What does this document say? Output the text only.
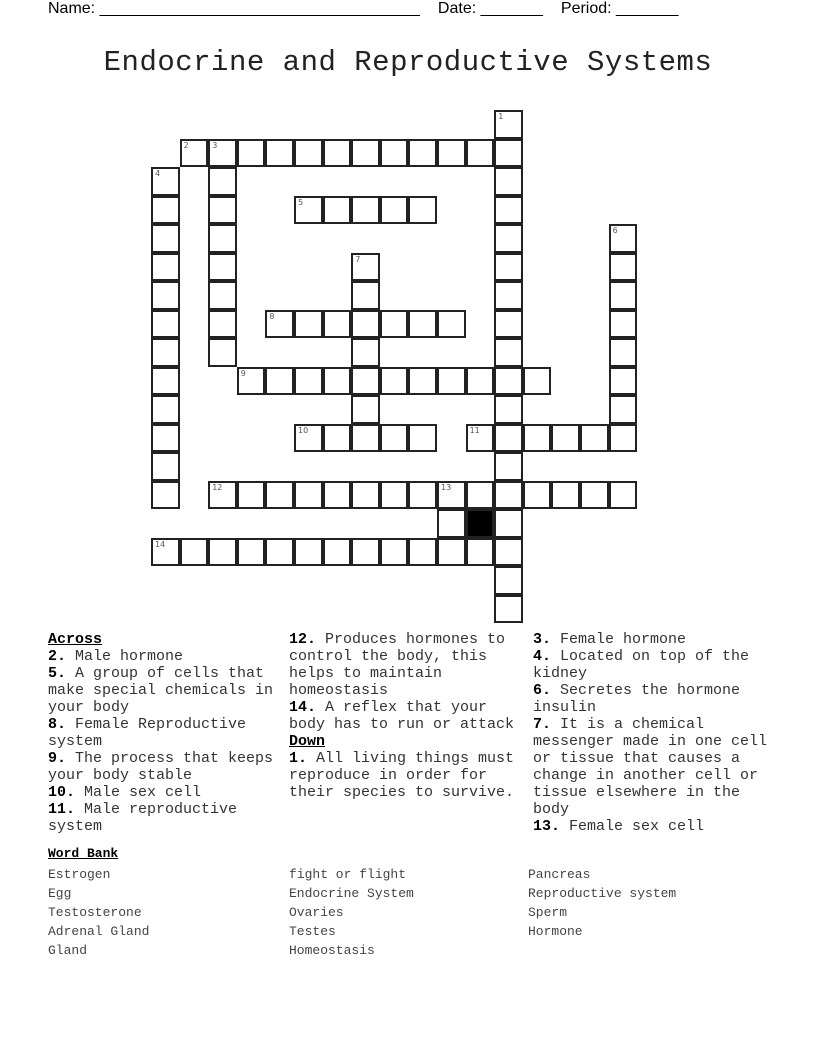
Name: ____________________________________ Date: _______ Period: _______
Endocrine and Reproductive Systems
1
2	3
4
5
6
7
8
9
10	11
12	13
14
Across
2. Male hormone
5. A group of cells that make special chemicals in your body
8. Female Reproductive system
9. The process that keeps your body stable
10. Male sex cell
11. Male reproductive system
12. Produces hormones to control the body, this helps to maintain homeostasis
14. A reflex that your body has to run or attack
Down
1. All living things must reproduce in order for their species to survive.
3. Female hormone
4. Located on top of the kidney
6. Secretes the hormone insulin
7. It is a chemical messenger made in one cell or tissue that causes a change in another cell or tissue elsewhere in the body
13. Female sex cell
Word Bank
Estrogen
Egg
Testosterone
Adrenal Gland
Gland
fight or flight
Endocrine System
Ovaries
Testes
Homeostasis
Pancreas
Reproductive system
Sperm
Hormone
